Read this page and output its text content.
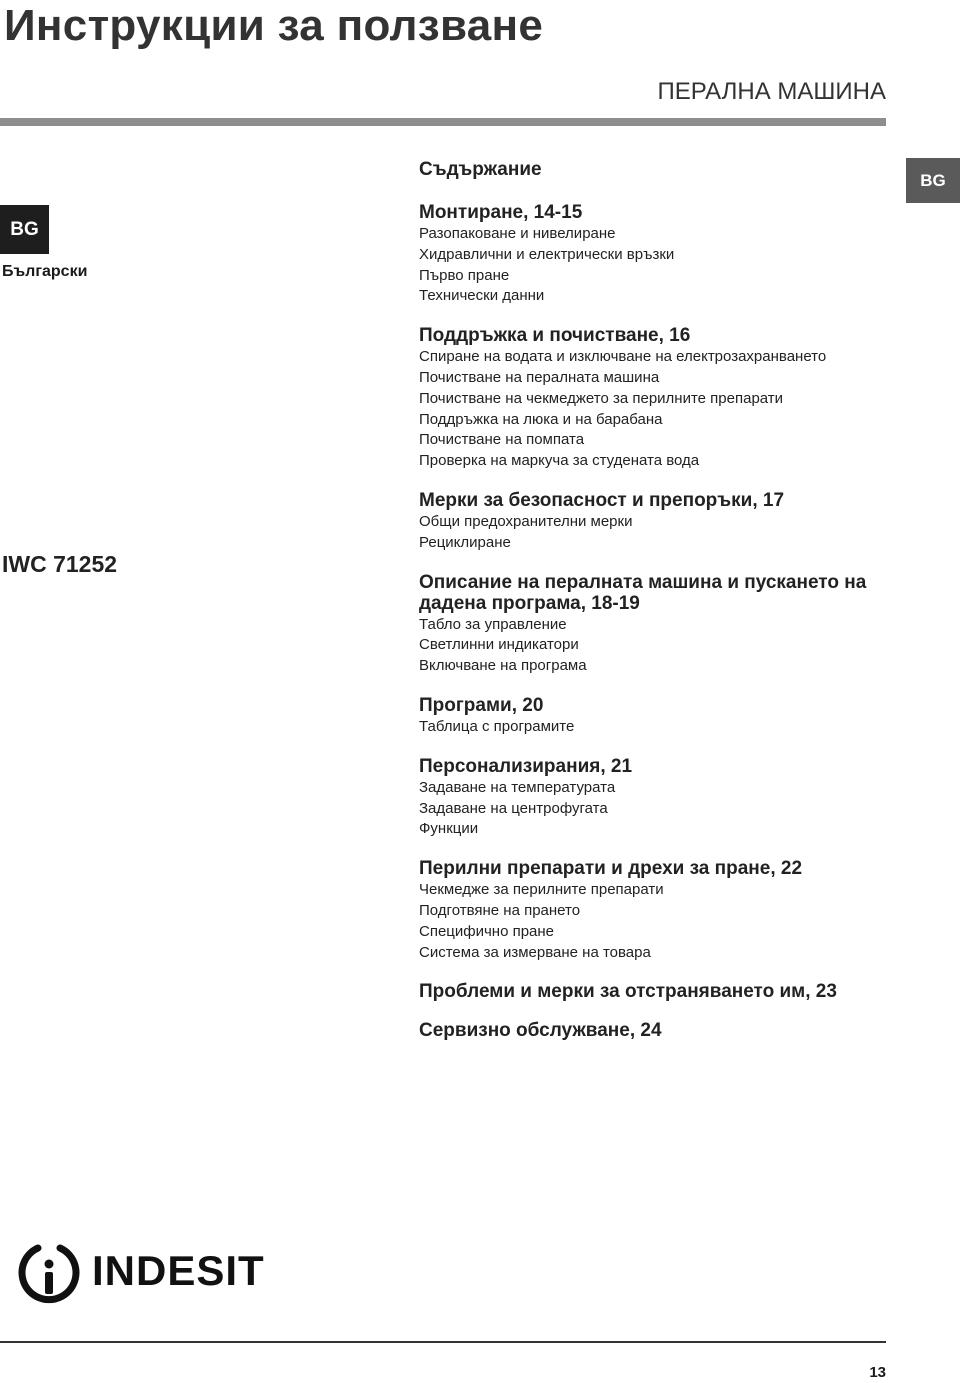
Инструкции за ползване
ПЕРАЛНА МАШИНА
BG
BG
Български
IWC 71252
Съдържание
Монтиране, 14-15
Разопаковане и нивелиране
Хидравлични и електрически връзки
Първо пране
Технически данни
Поддръжка и почистване, 16
Спиране на водата и изключване на електрозахранването
Почистване на пералната машина
Почистване на чекмеджето за перилните препарати
Поддръжка на люка и на барабана
Почистване на помпата
Проверка на маркуча за студената вода
Мерки за безопасност и препоръки, 17
Общи предохранителни мерки
Рециклиране
Описание на пералната машина и пускането на дадена програма, 18-19
Табло за управление
Светлинни индикатори
Включване на програма
Програми, 20
Таблица с програмите
Персонализирания, 21
Задаване на температурата
Задаване на центрофугата
Функции
Перилни препарати и дрехи за пране, 22
Чекмедже за перилните препарати
Подготвяне на прането
Специфично пране
Система за измерване на товара
Проблеми и мерки за отстраняването им, 23
Сервизно обслужване, 24
INDESIT
13
